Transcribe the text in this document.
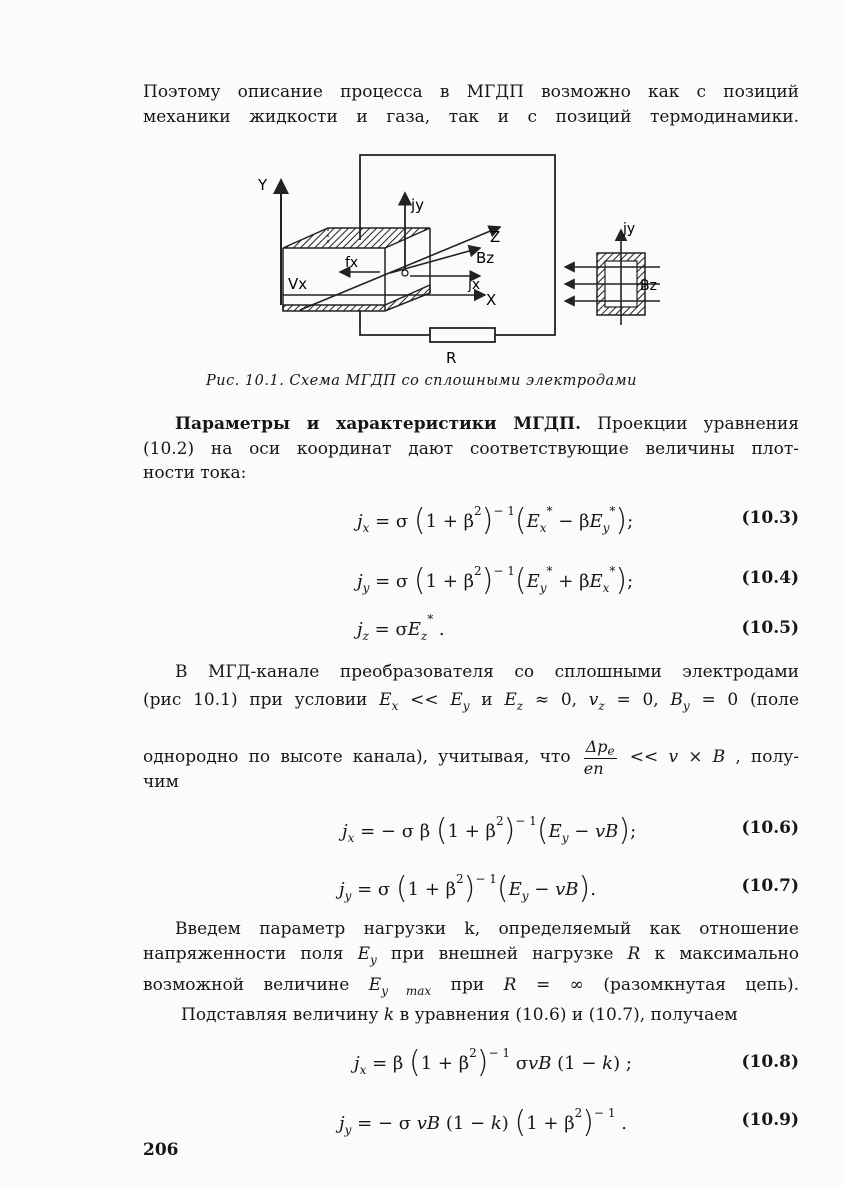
Поэтому описание процесса в МГДП возможно как с позиций
механики жидкости и газа, так и с позиций термодинамики.
Y
jy
Z
Bz
fx
Vx	jx
X
R
jy
Bz
Рис. 10.1. Схема МГДП со сплошными электродами
Параметры и характеристики МГДП. Проекции уравнения
(10.2) на оси координат дают соответствующие величины плот-
ности тока:
$j_x = \sigma$ $(1 + \beta^2)^{- 1}(E_x^* - \beta E_y^*)$;	(10.3)
$j_y = \sigma$ $(1 + \beta^2)^{- 1}(E_y^* + \beta E_x^*)$;	(10.4)
$j_z = \sigma E_z^*$ .	(10.5)
В МГД-канале преобразователя со сплошными электродами
(рис 10.1) при условии $E_x << E_y$ и $E_z \approx 0$, $v_z = 0$, $B_y = 0$ (поле
однородно по высоте канала), учитывая, что $\frac{\text{Δpe}}{en} << v \times B$ , полу-
чим
$j_x$ = − σ β $(1 + \beta^2)^{- 1}(E_y - vB)$;	(10.6)
$j_y = \sigma$ $(1 + \beta^2)^{- 1}(E_y - vB)$.	(10.7)
Введем параметр нагрузки k, определяемый как отношение
напряженности поля $E_y$ при внешней нагрузке R к максимально
возможной величине $E_{y max}$ при R = ∞ (разомкнутая цепь).
Подставляя величину k в уравнения (10.6) и (10.7), получаем
$j_x = \beta$ $(1 + \beta^2)^{- 1}$ σvB (1 − k) ;	(10.8)
$j_y$ = − σ vB (1 − k) $(1 + \beta^2)^{- 1}$ .	(10.9)
206
